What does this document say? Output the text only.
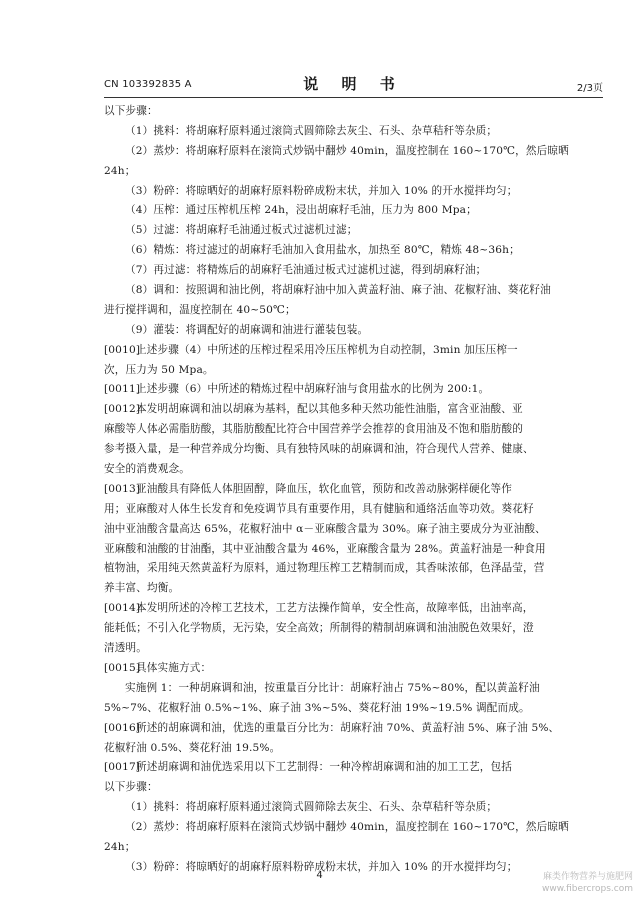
CN 103392835 A	说 明 书	2/3页
以下步骤：
（1）挑料：将胡麻籽原料通过滚筒式圆筛除去灰尘、石头、杂草秸秆等杂质；
（2）蒸炒：将胡麻籽原料在滚筒式炒锅中翻炒 40min，温度控制在 160~170℃，然后晾晒
24h；
（3）粉碎：将晾晒好的胡麻籽原料粉碎成粉末状，并加入 10% 的开水搅拌均匀；
（4）压榨：通过压榨机压榨 24h，浸出胡麻籽毛油，压力为 800 Mpa；
（5）过滤：将胡麻籽毛油通过板式过滤机过滤；
（6）精炼：将过滤过的胡麻籽毛油加入食用盐水，加热至 80℃，精炼 48~36h；
（7）再过滤：将精炼后的胡麻籽毛油通过板式过滤机过滤，得到胡麻籽油；
（8）调和：按照调和油比例，将胡麻籽油中加入黄盖籽油、麻子油、花椒籽油、葵花籽油
进行搅拌调和，温度控制在 40~50℃；
（9）灌装：将调配好的胡麻调和油进行灌装包装。
[0010]上述步骤（4）中所述的压榨过程采用冷压压榨机为自动控制，3min 加压压榨一
次，压力为 50 Mpa。
[0011]上述步骤（6）中所述的精炼过程中胡麻籽油与食用盐水的比例为 200:1。
[0012]本发明胡麻调和油以胡麻为基料，配以其他多种天然功能性油脂，富含亚油酸、亚
麻酸等人体必需脂肪酸，其脂肪酸配比符合中国营养学会推荐的食用油及不饱和脂肪酸的
参考摄入量，是一种营养成分均衡、具有独特风味的胡麻调和油，符合现代人营养、健康、
安全的消费观念。
[0013]亚油酸具有降低人体胆固醇，降血压，软化血管，预防和改善动脉粥样硬化等作
用；亚麻酸对人体生长发育和免疫调节具有重要作用，具有健脑和通络活血等功效。葵花籽
油中亚油酸含量高达 65%，花椒籽油中 α－亚麻酸含量为 30%。麻子油主要成分为亚油酸、
亚麻酸和油酸的甘油酯，其中亚油酸含量为 46%，亚麻酸含量为 28%。黄盖籽油是一种食用
植物油，采用纯天然黄盖籽为原料，通过物理压榨工艺精制而成，其香味浓郁，色泽晶莹，营
养丰富、均衡。
[0014]本发明所述的冷榨工艺技术，工艺方法操作简单，安全性高，故障率低，出油率高，
能耗低；不引入化学物质，无污染，安全高效；所制得的精制胡麻调和油油脱色效果好，澄
清透明。
[0015]具体实施方式：
实施例 1：一种胡麻调和油，按重量百分比计：胡麻籽油占 75%~80%，配以黄盖籽油
5%~7%、花椒籽油 0.5%~1%、麻子油 3%~5%、葵花籽油 19%~19.5% 调配而成。
[0016]所述的胡麻调和油，优选的重量百分比为：胡麻籽油 70%、黄盖籽油 5%、麻子油 5%、
花椒籽油 0.5%、葵花籽油 19.5%。
[0017]所述胡麻调和油优选采用以下工艺制得：一种冷榨胡麻调和油的加工工艺，包括
以下步骤：
（1）挑料：将胡麻籽原料通过滚筒式圆筛除去灰尘、石头、杂草秸秆等杂质；
（2）蒸炒：将胡麻籽原料在滚筒式炒锅中翻炒 40min，温度控制在 160~170℃，然后晾晒
24h；
（3）粉碎：将晾晒好的胡麻籽原料粉碎成粉末状，并加入 10% 的开水搅拌均匀；
4	麻类作物营养与施肥网
www.fibercrops.com
